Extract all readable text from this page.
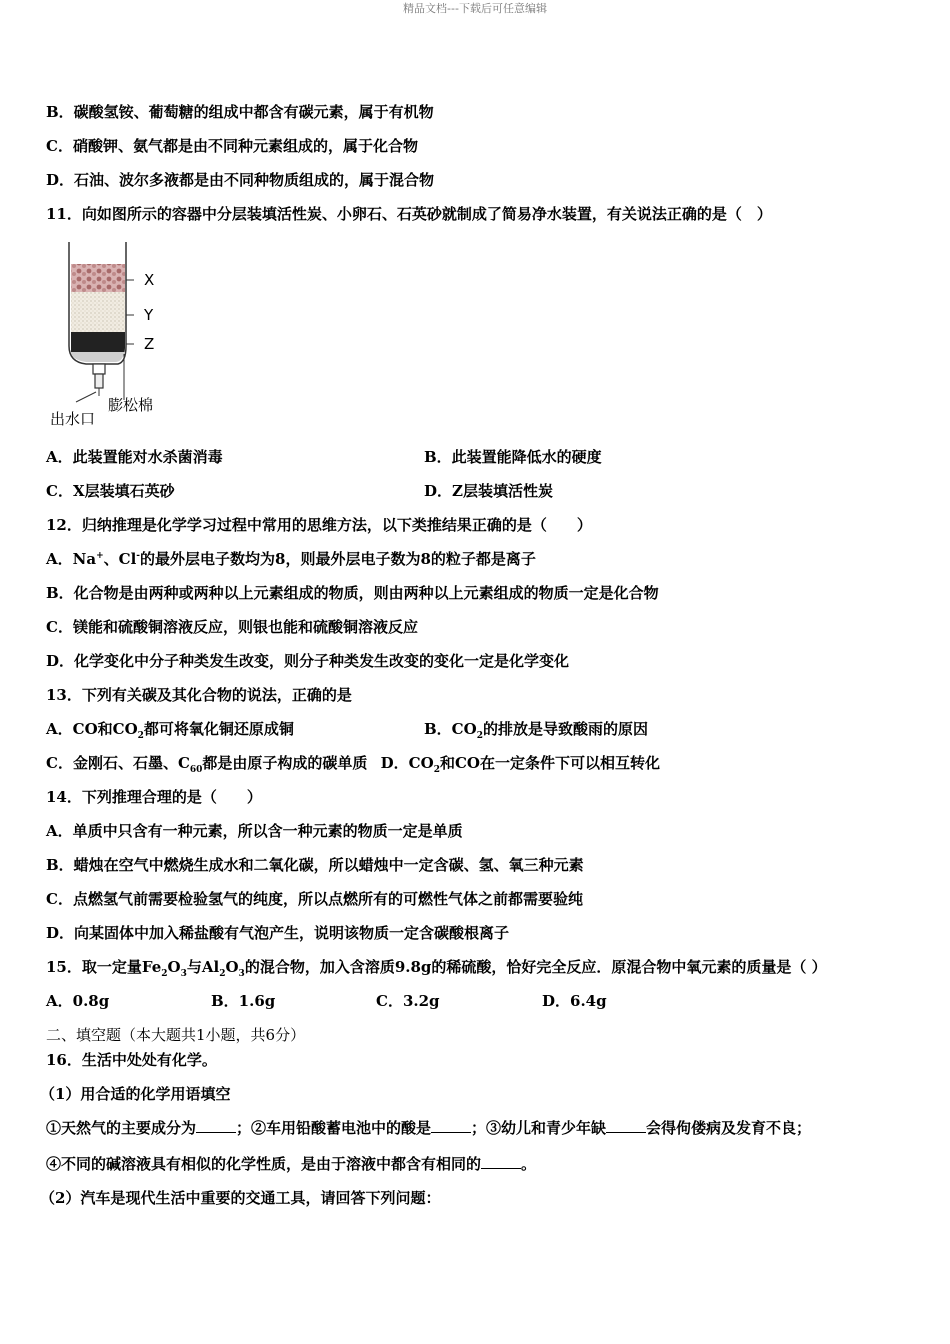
精品文档---下载后可任意编辑
B．碳酸氢铵、葡萄糖的组成中都含有碳元素，属于有机物
C．硝酸钾、氨气都是由不同种元素组成的，属于化合物
D．石油、波尔多液都是由不同种物质组成的，属于混合物
11．向如图所示的容器中分层装填活性炭、小卵石、石英砂就制成了简易净水装置，有关说法正确的是（　）
X
Y
Z
膨松棉
出水口
A．此装置能对水杀菌消毒	B．此装置能降低水的硬度
C．X层装填石英砂	D．Z层装填活性炭
12．归纳推理是化学学习过程中常用的思维方法，以下类推结果正确的是（　　）
A．Na+、Cl-的最外层电子数均为8，则最外层电子数为8的粒子都是离子
B．化合物是由两种或两种以上元素组成的物质，则由两种以上元素组成的物质一定是化合物
C．镁能和硫酸铜溶液反应，则银也能和硫酸铜溶液反应
D．化学变化中分子种类发生改变，则分子种类发生改变的变化一定是化学变化
13．下列有关碳及其化合物的说法，正确的是
A．CO和$CO_2$都可将氧化铜还原成铜	B．$CO_2$的排放是导致酸雨的原因
C．金刚石、石墨、$C_{60}$都是由原子构成的碳单质 D．$CO_2$和CO在一定条件下可以相互转化
14．下列推理合理的是（　　）
A．单质中只含有一种元素，所以含一种元素的物质一定是单质
B．蜡烛在空气中燃烧生成水和二氧化碳，所以蜡烛中一定含碳、氢、氧三种元素
C．点燃氢气前需要检验氢气的纯度，所以点燃所有的可燃性气体之前都需要验纯
D．向某固体中加入稀盐酸有气泡产生，说明该物质一定含碳酸根离子
15．取一定量$Fe_2O_3$与$Al_2O_3$的混合物，加入含溶质9.8g的稀硫酸，恰好完全反应．原混合物中氧元素的质量是（ ）
A．0.8g	B．1.6g	C．3.2g	D．6.4g
二、填空题（本大题共1小题，共6分）
16．生活中处处有化学。
（1）用合适的化学用语填空
①天然气的主要成分为	；②车用铅酸蓄电池中的酸是	；③幼儿和青少年缺	会得佝偻病及发育不良；
④不同的碱溶液具有相似的化学性质，是由于溶液中都含有相同的	。
（2）汽车是现代生活中重要的交通工具，请回答下列问题：
